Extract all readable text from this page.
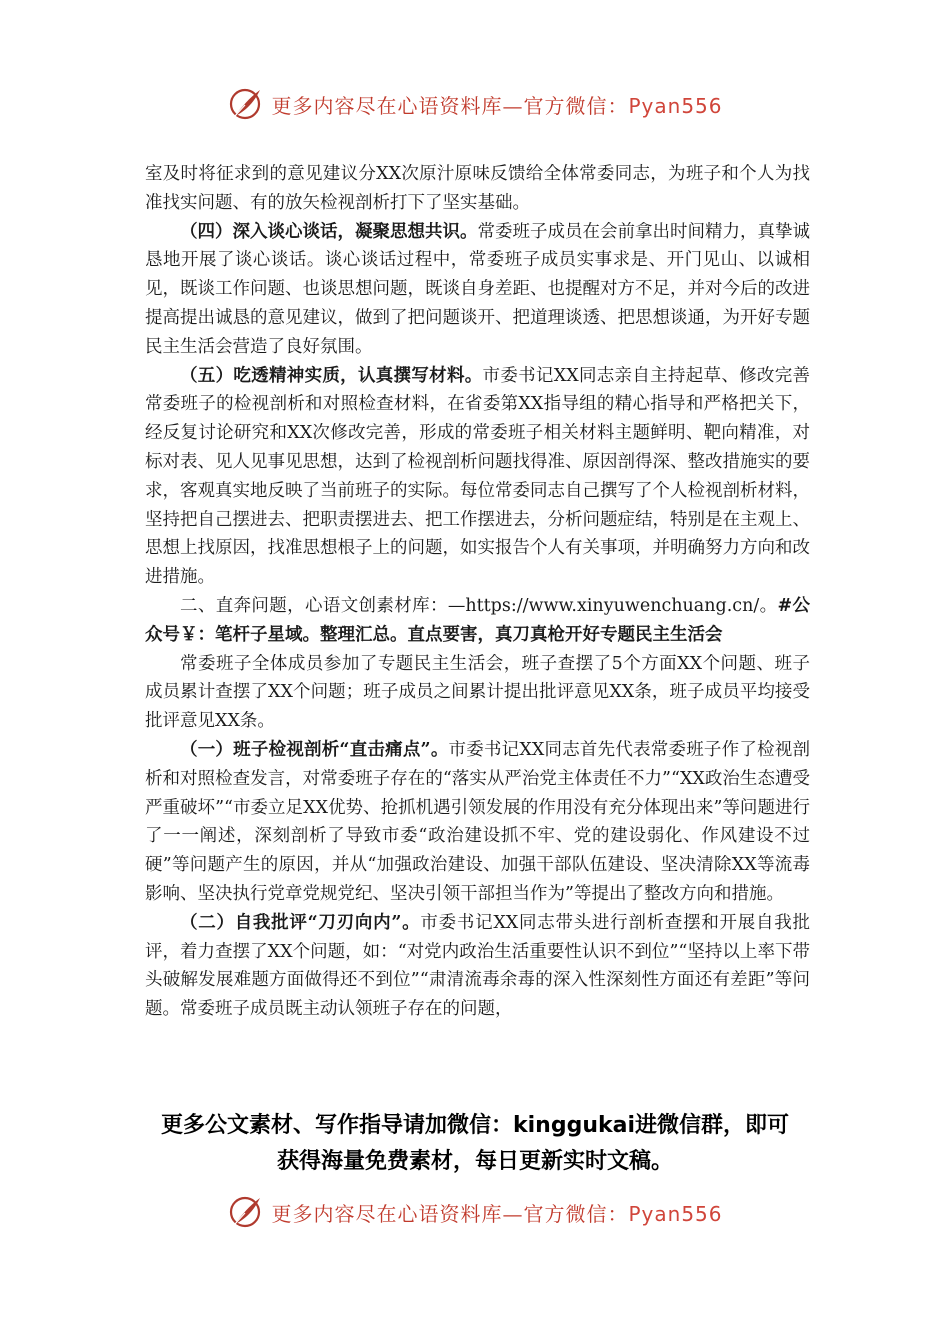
更多内容尽在心语资料库—官方微信：Pyan556

室及时将征求到的意见建议分XX次原汁原味反馈给全体常委同志，为班子和个人为找准找实问题、有的放矢检视剖析打下了坚实基础。

（四）深入谈心谈话，凝聚思想共识。常委班子成员在会前拿出时间精力，真挚诚恳地开展了谈心谈话。谈心谈话过程中，常委班子成员实事求是、开门见山、以诚相见，既谈工作问题、也谈思想问题，既谈自身差距、也提醒对方不足，并对今后的改进提高提出诚恳的意见建议，做到了把问题谈开、把道理谈透、把思想谈通，为开好专题民主生活会营造了良好氛围。

（五）吃透精神实质，认真撰写材料。市委书记XX同志亲自主持起草、修改完善常委班子的检视剖析和对照检查材料，在省委第XX指导组的精心指导和严格把关下，经反复讨论研究和XX次修改完善，形成的常委班子相关材料主题鲜明、靶向精准，对标对表、见人见事见思想，达到了检视剖析问题找得准、原因剖得深、整改措施实的要求，客观真实地反映了当前班子的实际。每位常委同志自己撰写了个人检视剖析材料，坚持把自己摆进去、把职责摆进去、把工作摆进去，分析问题症结，特别是在主观上、思想上找原因，找准思想根子上的问题，如实报告个人有关事项，并明确努力方向和改进措施。

二、直奔问题，心语文创素材库：—https://www.xinyuwenchuang.cn/。#公众号￥：笔杆子星域。整理汇总。直点要害，真刀真枪开好专题民主生活会

常委班子全体成员参加了专题民主生活会，班子查摆了5个方面XX个问题、班子成员累计查摆了XX个问题；班子成员之间累计提出批评意见XX条，班子成员平均接受批评意见XX条。

（一）班子检视剖析“直击痛点”。市委书记XX同志首先代表常委班子作了检视剖析和对照检查发言，对常委班子存在的“落实从严治党主体责任不力”“XX政治生态遭受严重破坏”“市委立足XX优势、抢抓机遇引领发展的作用没有充分体现出来”等问题进行了一一阐述，深刻剖析了导致市委“政治建设抓不牢、党的建设弱化、作风建设不过硬”等问题产生的原因，并从“加强政治建设、加强干部队伍建设、坚决清除XX等流毒影响、坚决执行党章党规党纪、坚决引领干部担当作为”等提出了整改方向和措施。

（二）自我批评“刀刃向内”。市委书记XX同志带头进行剖析查摆和开展自我批评，着力查摆了XX个问题，如：“对党内政治生活重要性认识不到位”“坚持以上率下带头破解发展难题方面做得还不到位”“肃清流毒余毒的深入性深刻性方面还有差距”等问题。常委班子成员既主动认领班子存在的问题，

更多公文素材、写作指导请加微信：kinggukai进微信群，即可
获得海量免费素材，每日更新实时文稿。
更多内容尽在心语资料库—官方微信：Pyan556
